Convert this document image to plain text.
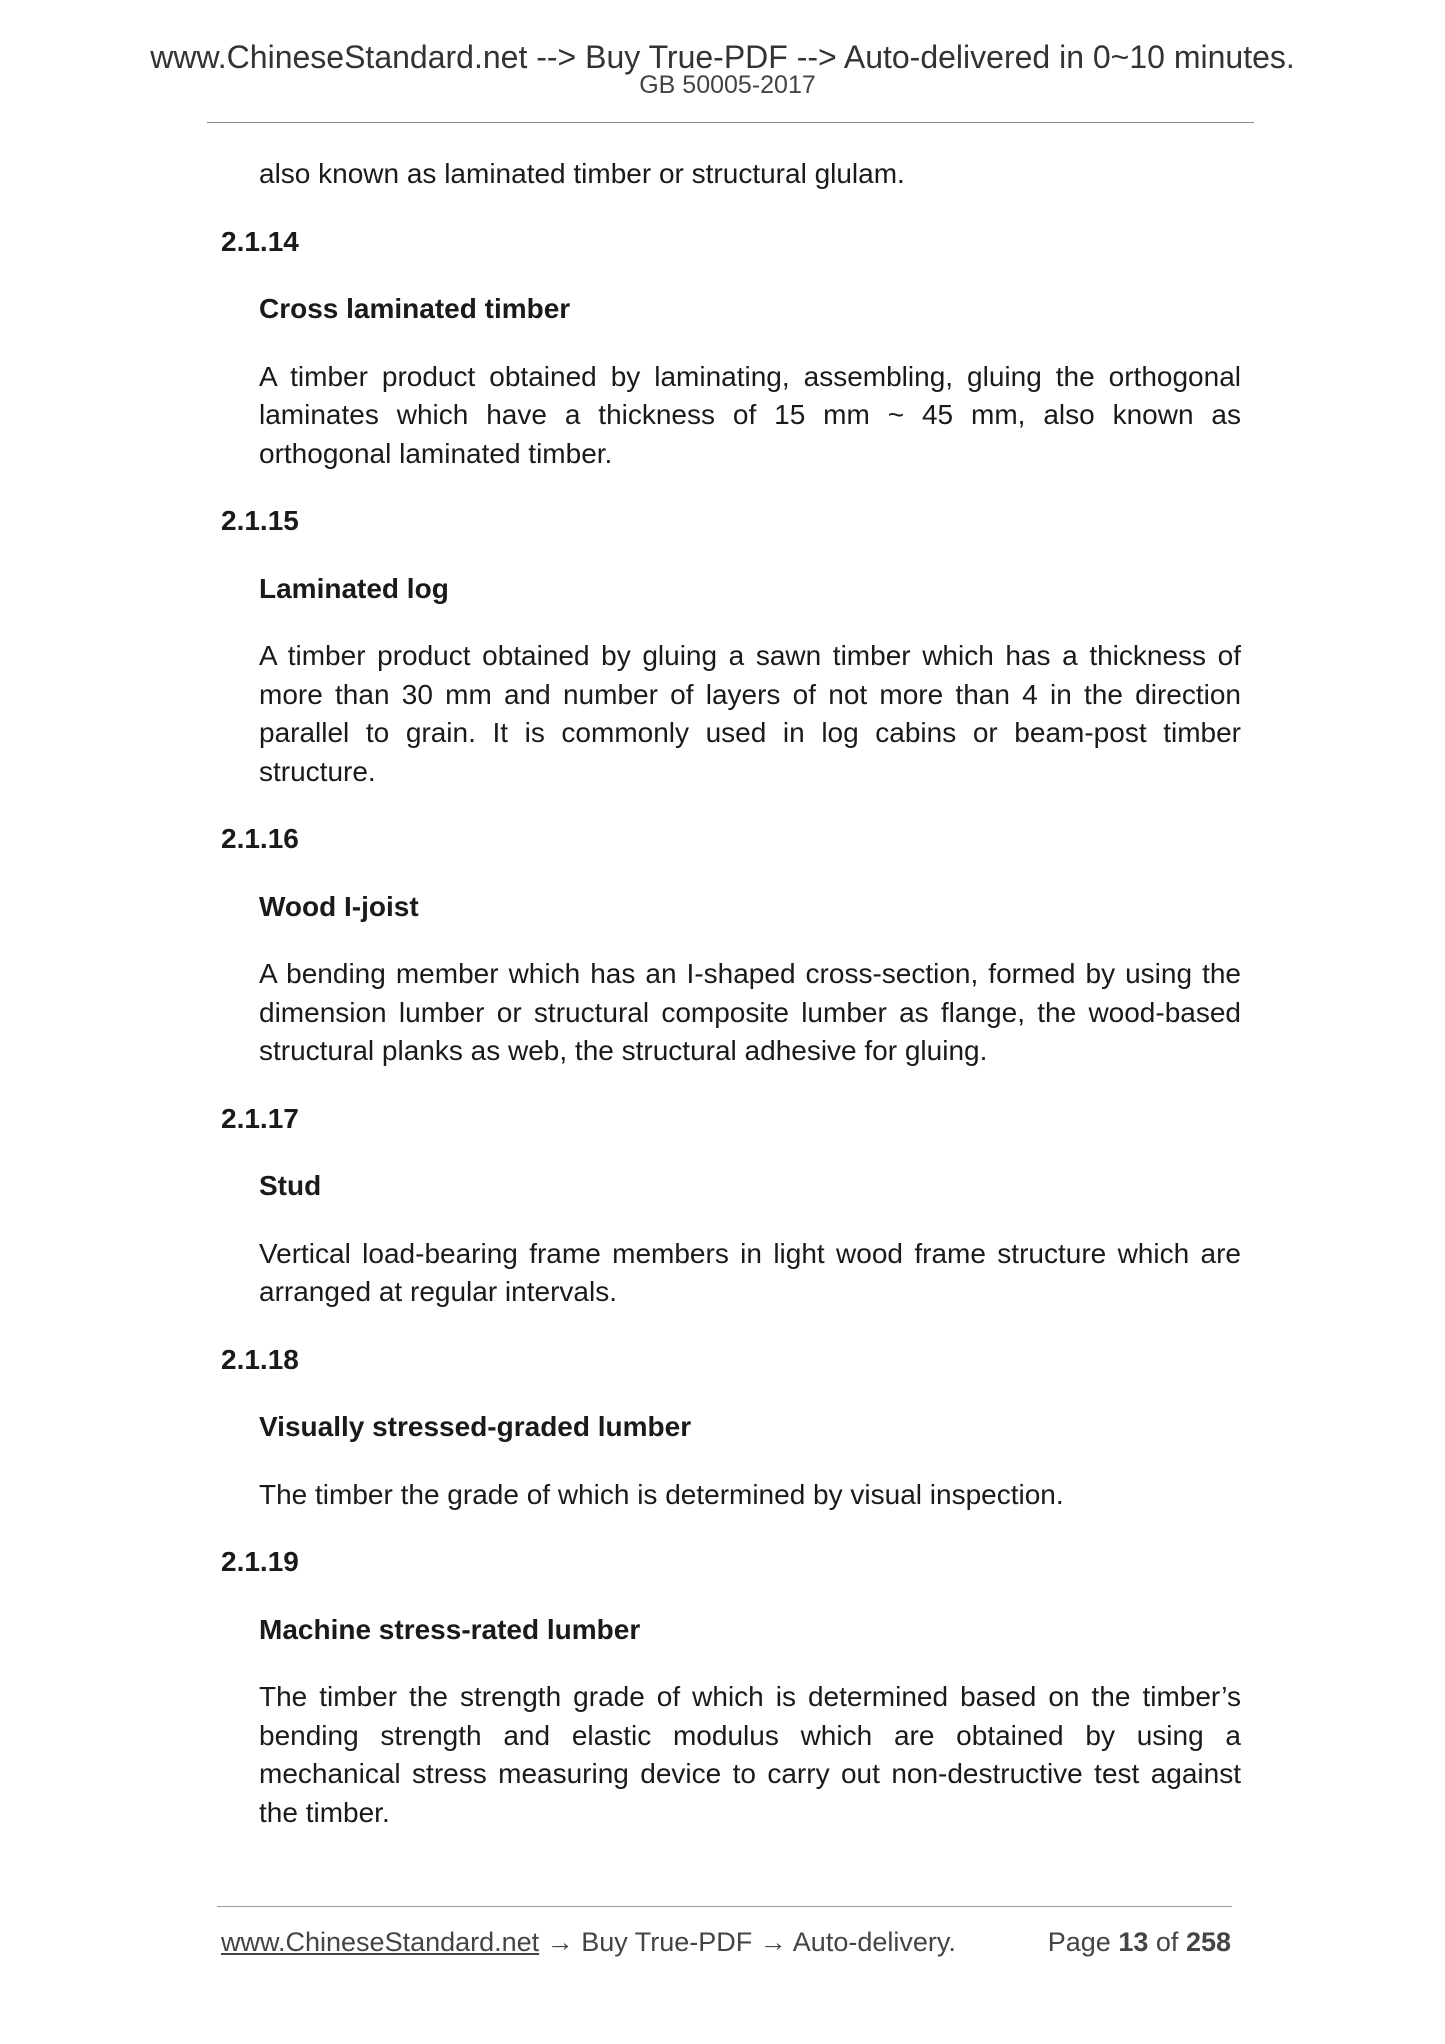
www.ChineseStandard.net --> Buy True-PDF --> Auto-delivered in 0~10 minutes.
GB 50005-2017

also known as laminated timber or structural glulam.

2.1.14
Cross laminated timber

A timber product obtained by laminating, assembling, gluing the orthogonal laminates which have a thickness of 15 mm ~ 45 mm, also known as orthogonal laminated timber.

2.1.15
Laminated log

A timber product obtained by gluing a sawn timber which has a thickness of more than 30 mm and number of layers of not more than 4 in the direction parallel to grain. It is commonly used in log cabins or beam-post timber structure.

2.1.16
Wood I-joist

A bending member which has an I-shaped cross-section, formed by using the dimension lumber or structural composite lumber as flange, the wood-based structural planks as web, the structural adhesive for gluing.

2.1.17
Stud

Vertical load-bearing frame members in light wood frame structure which are arranged at regular intervals.

2.1.18
Visually stressed-graded lumber

The timber the grade of which is determined by visual inspection.

2.1.19
Machine stress-rated lumber

The timber the strength grade of which is determined based on the timber’s bending strength and elastic modulus which are obtained by using a mechanical stress measuring device to carry out non-destructive test against the timber.

www.ChineseStandard.net → Buy True-PDF → Auto-delivery.	Page 13 of 258
